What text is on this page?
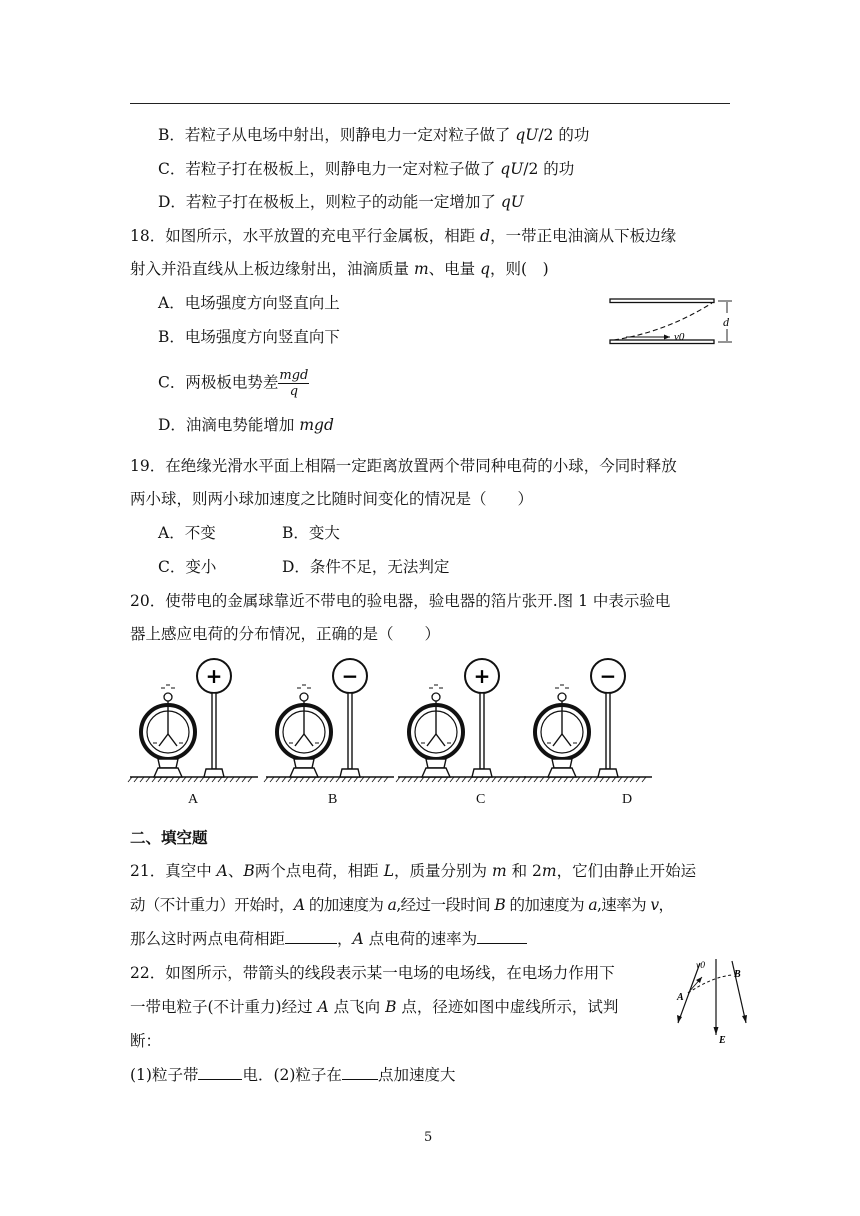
B．若粒子从电场中射出，则静电力一定对粒子做了 qU/2 的功
C．若粒子打在极板上，则静电力一定对粒子做了 qU/2 的功
D．若粒子打在极板上，则粒子的动能一定增加了 qU
18．如图所示，水平放置的充电平行金属板，相距 d，一带正电油滴从下板边缘
射入并沿直线从上板边缘射出，油滴质量 m、电量 q，则(　)
A．电场强度方向竖直向上
B．电场强度方向竖直向下
C．两极板电势差 $\frac{\text{mgd}}{q}$
D．油滴电势能增加 mgd
v0
d
19．在绝缘光滑水平面上相隔一定距离放置两个带同种电荷的小球，今同时释放
两小球，则两小球加速度之比随时间变化的情况是（　　）
A．不变	B．变大
C．变小	D．条件不足，无法判定
20．使带电的金属球靠近不带电的验电器，验电器的箔片张开.图 1 中表示验电
器上感应电荷的分布情况，正确的是（　　）
+	−	+	−
A	B	C	D
二、填空题
21．真空中 A、B两个点电荷，相距 L，质量分别为 m 和 2m，它们由静止开始运
动（不计重力）开始时，A 的加速度为 a,经过一段时间 B 的加速度为 a,速率为 v，
那么这时两点电荷相距	，A 点电荷的速率为
22．如图所示，带箭头的线段表示某一电场的电场线，在电场力作用下
一带电粒子(不计重力)经过 A 点飞向 B 点，径迹如图中虚线所示，试判
断：
(1)粒子带	电．(2)粒子在 点加速度大
v0
A
B
E
5
